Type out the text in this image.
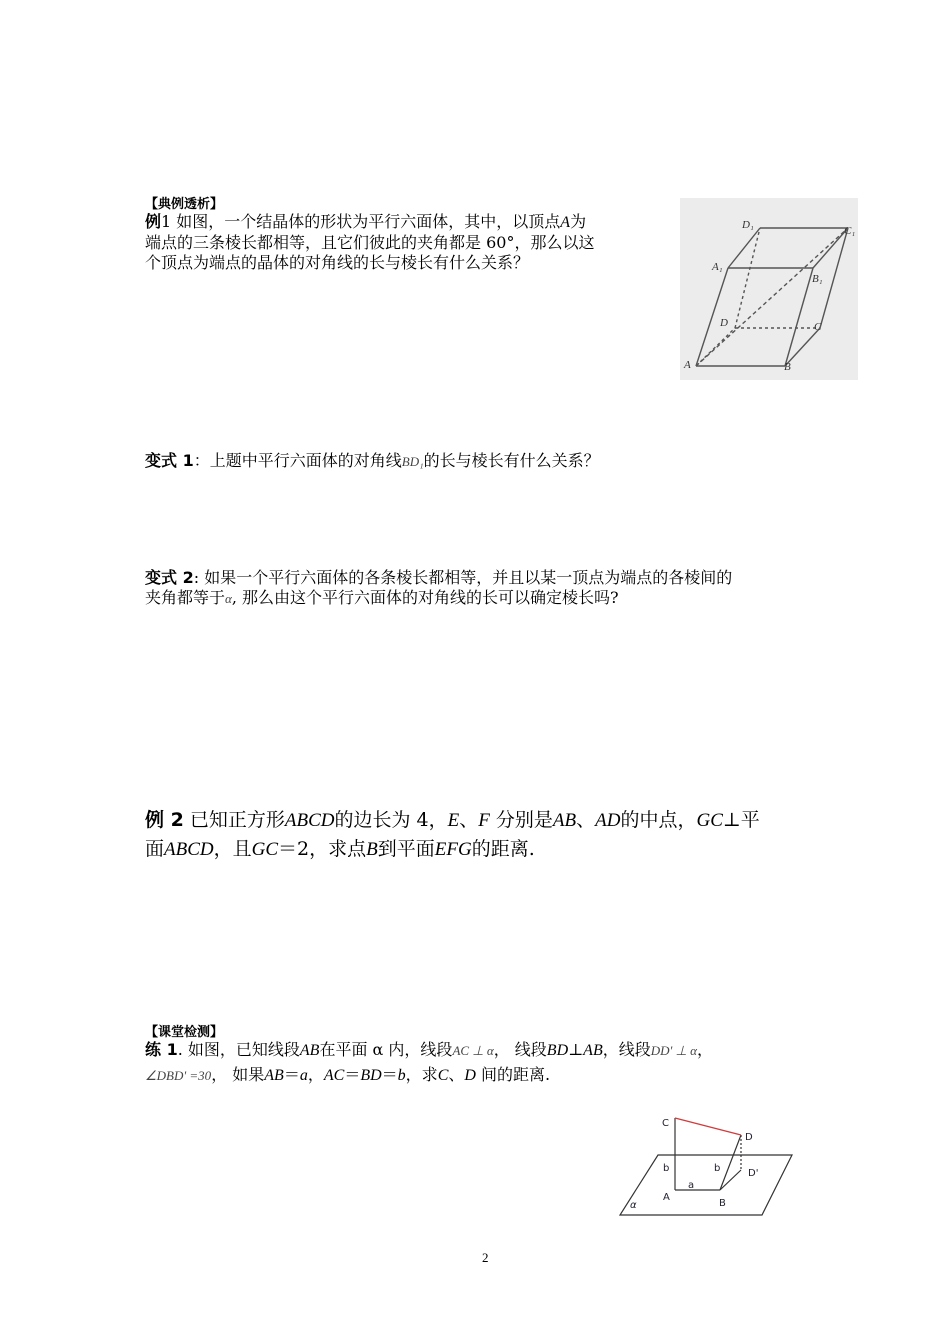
【典例透析】
例1 如图，一个结晶体的形状为平行六面体，其中，以顶点A为
端点的三条棱长都相等，且它们彼此的夹角都是 60°，那么以这
个顶点为端点的晶体的对角线的长与棱长有什么关系？
D₁	C₁
A₁
B₁
D	C
A	B
变式 1：上题中平行六面体的对角线BD₁的长与棱长有什么关系？
变式 2: 如果一个平行六面体的各条棱长都相等，并且以某一顶点为端点的各棱间的
夹角都等于α, 那么由这个平行六面体的对角线的长可以确定棱长吗?
例 2 已知正方形ABCD的边长为 4，E、F 分别是AB、AD的中点，GC⊥平
面ABCD，且GC＝2，求点B到平面EFG的距离.
【课堂检测】
练 1. 如图，已知线段AB在平面 α 内，线段AC ⊥ α， 线段BD⊥AB，线段DD' ⊥ α，
∠DBD' =30， 如果AB＝a，AC＝BD＝b，求C、D 间的距离.
C
D
D'
b	b
A
a
B
α
2
